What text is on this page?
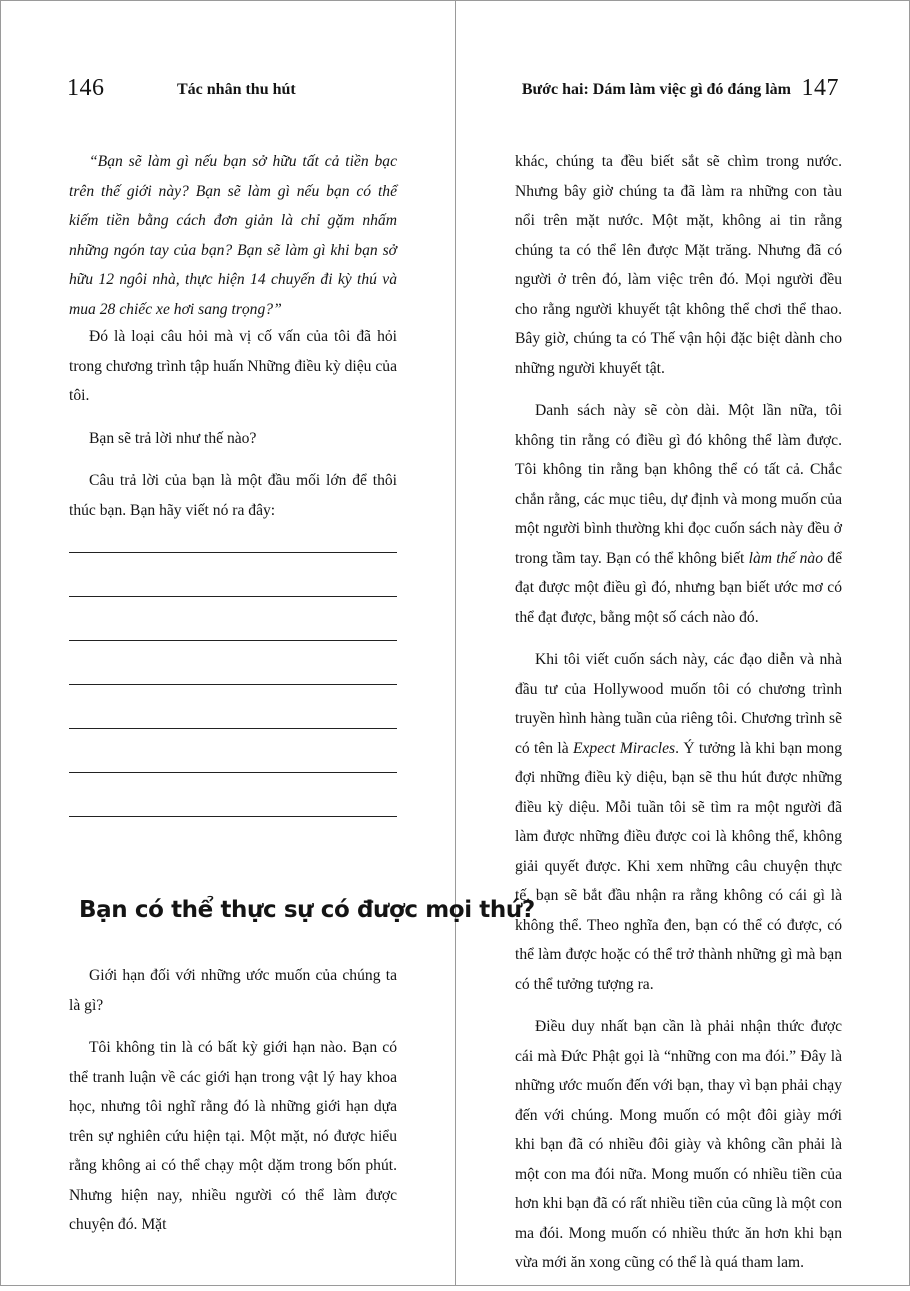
146	Tác nhân thu hút

“Bạn sẽ làm gì nếu bạn sở hữu tất cả tiền bạc trên thế giới này? Bạn sẽ làm gì nếu bạn có thể kiếm tiền bằng cách đơn giản là chỉ gặm nhấm những ngón tay của bạn? Bạn sẽ làm gì khi bạn sở hữu 12 ngôi nhà, thực hiện 14 chuyến đi kỳ thú và mua 28 chiếc xe hơi sang trọng?”

Đó là loại câu hỏi mà vị cố vấn của tôi đã hỏi trong chương trình tập huấn Những điều kỳ diệu của tôi.

Bạn sẽ trả lời như thế nào?

Câu trả lời của bạn là một đầu mối lớn để thôi thúc bạn. Bạn hãy viết nó ra đây:

Bạn có thể thực sự có được mọi thứ?

Giới hạn đối với những ước muốn của chúng ta là gì?

Tôi không tin là có bất kỳ giới hạn nào. Bạn có thể tranh luận về các giới hạn trong vật lý hay khoa học, nhưng tôi nghĩ rằng đó là những giới hạn dựa trên sự nghiên cứu hiện tại. Một mặt, nó được hiểu rằng không ai có thể chạy một dặm trong bốn phút. Nhưng hiện nay, nhiều người có thể làm được chuyện đó. Mặt

Bước hai: Dám làm việc gì đó đáng làm 147

khác, chúng ta đều biết sắt sẽ chìm trong nước. Nhưng bây giờ chúng ta đã làm ra những con tàu nổi trên mặt nước. Một mặt, không ai tin rằng chúng ta có thể lên được Mặt trăng. Nhưng đã có người ở trên đó, làm việc trên đó. Mọi người đều cho rằng người khuyết tật không thể chơi thể thao. Bây giờ, chúng ta có Thế vận hội đặc biệt dành cho những người khuyết tật.

Danh sách này sẽ còn dài. Một lần nữa, tôi không tin rằng có điều gì đó không thể làm được. Tôi không tin rằng bạn không thể có tất cả. Chắc chắn rằng, các mục tiêu, dự định và mong muốn của một người bình thường khi đọc cuốn sách này đều ở trong tầm tay. Bạn có thể không biết làm thế nào để đạt được một điều gì đó, nhưng bạn biết ước mơ có thể đạt được, bằng một số cách nào đó.

Khi tôi viết cuốn sách này, các đạo diễn và nhà đầu tư của Hollywood muốn tôi có chương trình truyền hình hàng tuần của riêng tôi. Chương trình sẽ có tên là Expect Miracles. Ý tưởng là khi bạn mong đợi những điều kỳ diệu, bạn sẽ thu hút được những điều kỳ diệu. Mỗi tuần tôi sẽ tìm ra một người đã làm được những điều được coi là không thể, không giải quyết được. Khi xem những câu chuyện thực tế, bạn sẽ bắt đầu nhận ra rằng không có cái gì là không thể. Theo nghĩa đen, bạn có thể có được, có thể làm được hoặc có thể trở thành những gì mà bạn có thể tưởng tượng ra.

Điều duy nhất bạn cần là phải nhận thức được cái mà Đức Phật gọi là “những con ma đói.” Đây là những ước muốn đến với bạn, thay vì bạn phải chạy đến với chúng. Mong muốn có một đôi giày mới khi bạn đã có nhiều đôi giày và không cần phải là một con ma đói nữa. Mong muốn có nhiều tiền của hơn khi bạn đã có rất nhiều tiền của cũng là một con ma đói. Mong muốn có nhiều thức ăn hơn khi bạn vừa mới ăn xong cũng có thể là quá tham lam.
